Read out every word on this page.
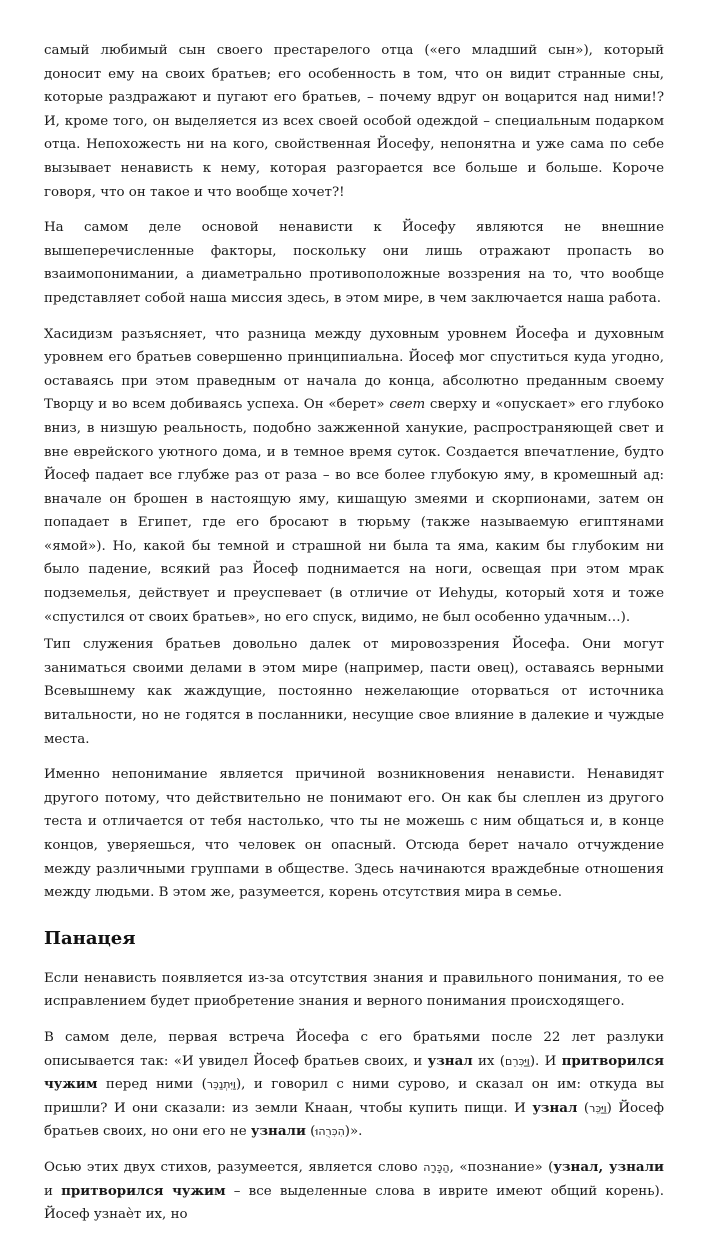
самый любимый сын своего престарелого отца («его младший сын»), который доносит ему на своих братьев; его особенность в том, что он видит странные сны, которые раздражают и пугают его братьев, – почему вдруг он воцарится над ними!? И, кроме того, он выделяется из всех своей особой одеждой – специальным подарком отца. Непохожесть ни на кого, свойственная Йосефу, непонятна и уже сама по себе вызывает ненависть к нему, которая разгорается все больше и больше. Короче говоря, что он такое и что вообще хочет?!

На самом деле основой ненависти к Йосефу являются не внешние вышеперечисленные факторы, поскольку они лишь отражают пропасть во взаимопонимании, а диаметрально противоположные воззрения на то, что вообще представляет собой наша миссия здесь, в этом мире, в чем заключается наша работа.

Хасидизм разъясняет, что разница между духовным уровнем Йосефа и духовным уровнем его братьев совершенно принципиальна. Йосеф мог спуститься куда угодно, оставаясь при этом праведным от начала до конца, абсолютно преданным своему Творцу и во всем добиваясь успеха. Он «берет» свет сверху и «опускает» его глубоко вниз, в низшую реальность, подобно зажженной ханукие, распространяющей свет и вне еврейского уютного дома, и в темное время суток. Создается впечатление, будто Йосеф падает все глубже раз от раза – во все более глубокую яму, в кромешный ад: вначале он брошен в настоящую яму, кишащую змеями и скорпионами, затем он попадает в Египет, где его бросают в тюрьму (также называемую египтянами «ямой»). Но, какой бы темной и страшной ни была та яма, каким бы глубоким ни было падение, всякий раз Йосеф поднимается на ноги, освещая при этом мрак подземелья, действует и преуспевает (в отличие от Иеһуды, который хотя и тоже «спустился от своих братьев», но его спуск, видимо, не был особенно удачным…).

Тип служения братьев довольно далек от мировоззрения Йосефа. Они могут заниматься своими делами в этом мире (например, пасти овец), оставаясь верными Всевышнему как жаждущие, постоянно нежелающие оторваться от источника витальности, но не годятся в посланники, несущие свое влияние в далекие и чуждые места.

Именно непонимание является причиной возникновения ненависти. Ненавидят другого потому, что действительно не понимают его. Он как бы слеплен из другого теста и отличается от тебя настолько, что ты не можешь с ним общаться и, в конце концов, уверяешься, что человек он опасный. Отсюда берет начало отчуждение между различными группами в обществе. Здесь начинаются враждебные отношения между людьми. В этом же, разумеется, корень отсутствия мира в семье.

Панацея

Если ненависть появляется из-за отсутствия знания и правильного понимания, то ее исправлением будет приобретение знания и верного понимания происходящего.

В самом деле, первая встреча Йосефа с его братьями после 22 лет разлуки описывается так: «И увидел Йосеф братьев своих, и узнал их (וַיַּכִּרֵם). И притворился чужим перед ними (וַיִּתְנַכֵּר), и говорил с ними сурово, и сказал он им: откуда вы пришли? И они сказали: из земли Кнаан, чтобы купить пищи. И узнал (וַיַּכֵּר) Йосеф братьев своих, но они его не узнали (הִכִּרֻהוּ)».

Осью этих двух стихов, разумеется, является слово הַכָּרָה, «познание» (узнал, узнали и притворился чужим – все выделенные слова в иврите имеют общий корень). Йосеф узнаѐт их, но
